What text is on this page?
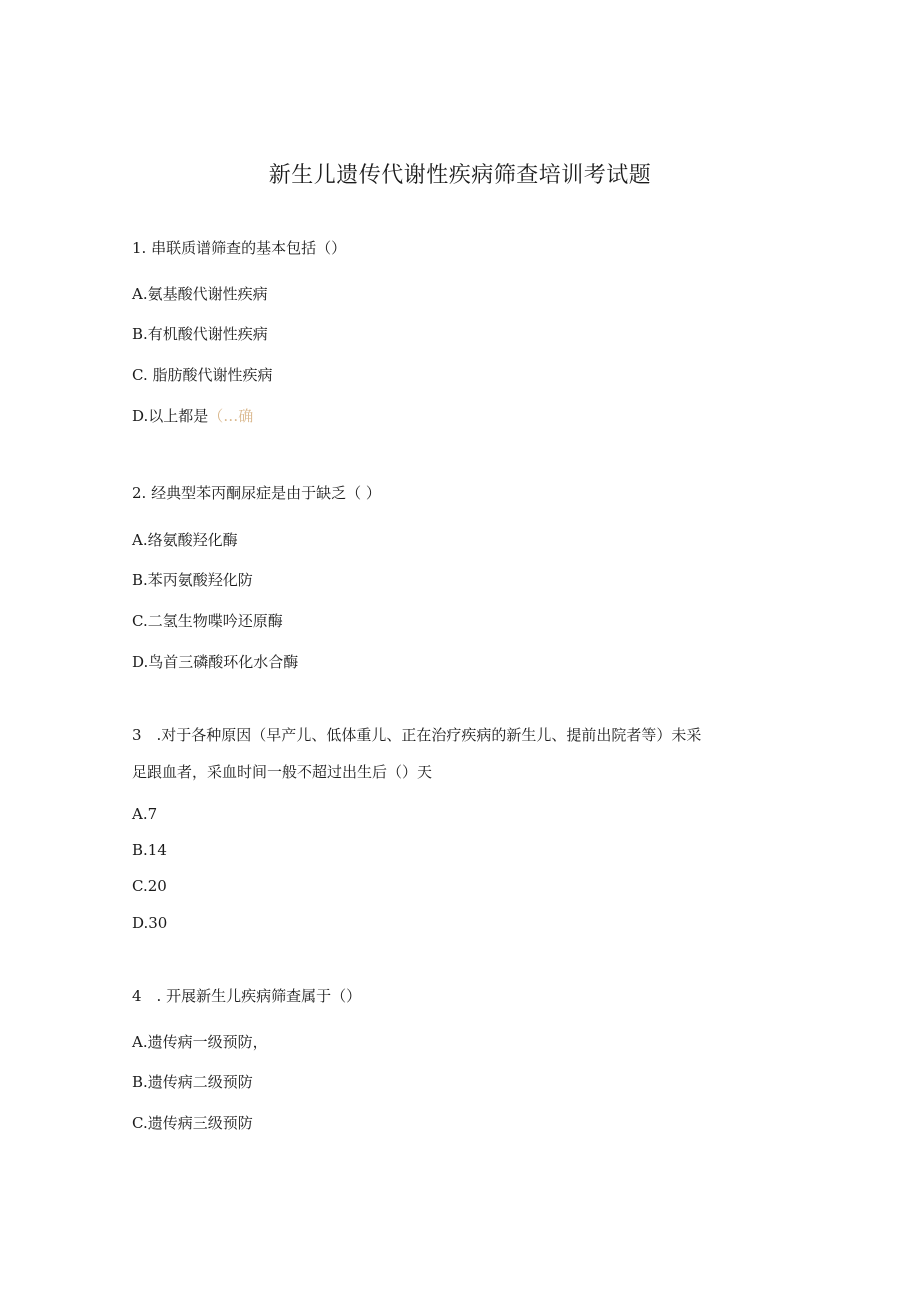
新生儿遗传代谢性疾病筛查培训考试题
1. 串联质谱筛查的基本包括（）
A.氨基酸代谢性疾病
B.有机酸代谢性疾病
C. 脂肪酸代谢性疾病
D.以上都是（…确
2. 经典型苯丙酮尿症是由于缺乏（ ）
A.络氨酸羟化酶
B.苯丙氨酸羟化防
C.二氢生物喋吟还原酶
D.鸟首三磷酸环化水合酶
3　.对于各种原因（早产儿、低体重儿、正在治疗疾病的新生儿、提前出院者等）未采
足跟血者，采血时间一般不超过出生后（）天
A.7
B.14
C.20
D.30
4　. 开展新生儿疾病筛查属于（）
A.遗传病一级预防，
B.遗传病二级预防
C.遗传病三级预防
